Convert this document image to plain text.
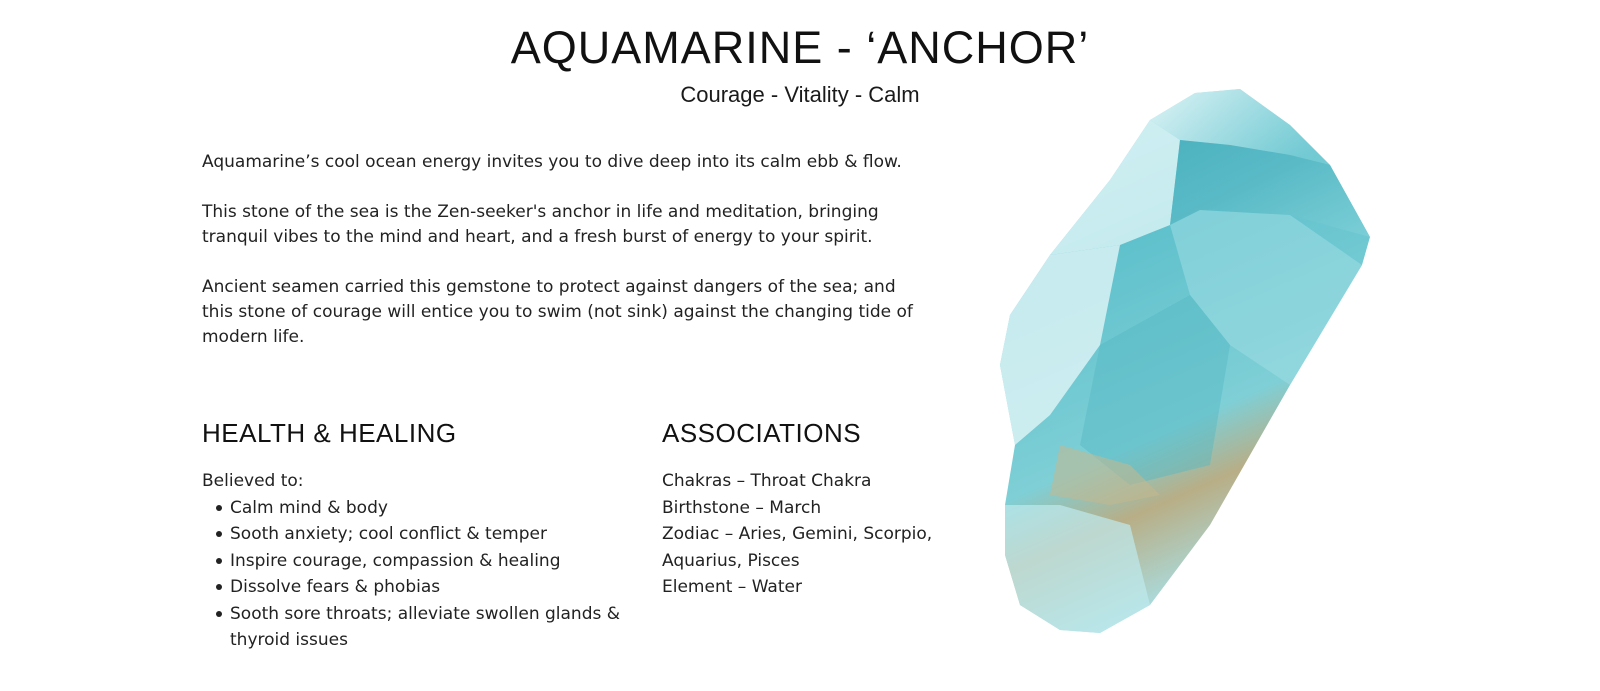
AQUAMARINE - ‘ANCHOR’
Courage - Vitality - Calm

Aquamarine’s cool ocean energy invites you to dive deep into its calm ebb & flow.

This stone of the sea is the Zen-seeker's anchor in life and meditation, bringing tranquil vibes to the mind and heart, and a fresh burst of energy to your spirit.

Ancient seamen carried this gemstone to protect against dangers of the sea; and this stone of courage will entice you to swim (not sink) against the changing tide of modern life.

HEALTH & HEALING
Believed to:
Calm mind & body
Sooth anxiety; cool conflict & temper
Inspire courage, compassion & healing
Dissolve fears & phobias
Sooth sore throats; alleviate swollen glands & thyroid issues
ASSOCIATIONS
Chakras – Throat Chakra
Birthstone – March
Zodiac – Aries, Gemini, Scorpio, Aquarius, Pisces
Element – Water
